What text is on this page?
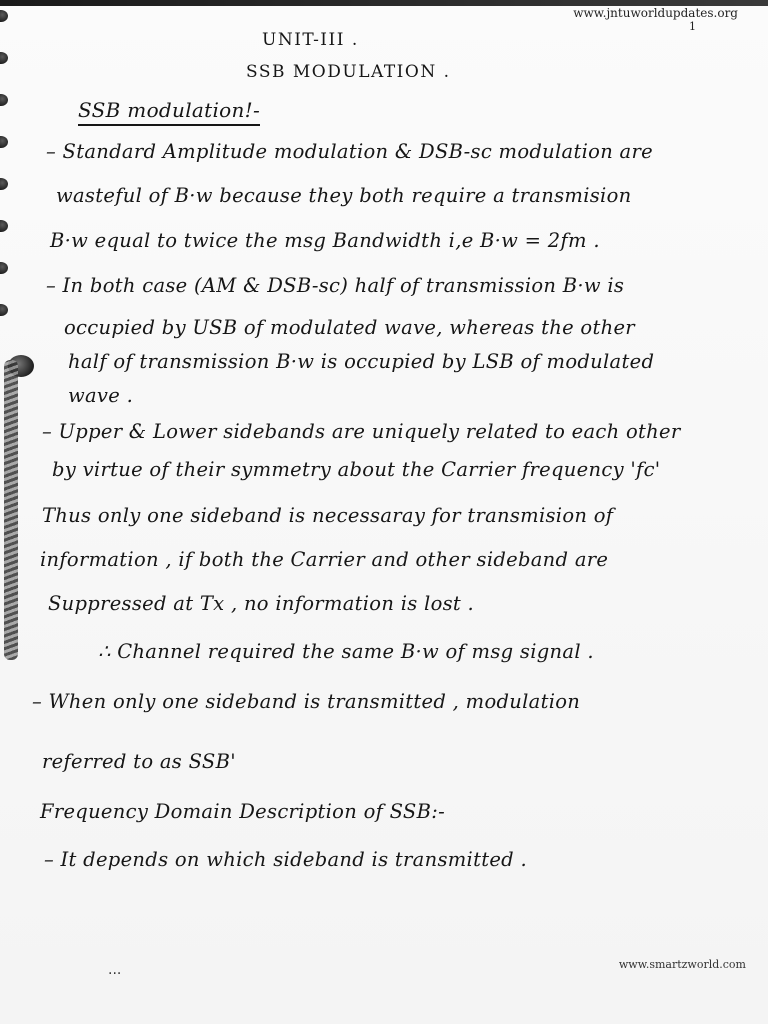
www.jntuworldupdates.org
1
UNIT-III .
SSB MODULATION .
SSB modulation!-
– Standard Amplitude modulation & DSB-sc modulation are
wasteful of B·w because they both require a transmision
B·w equal to twice the msg Bandwidth i,e B·w = 2fm .
– In both case (AM & DSB-sc) half of transmission B·w is
occupied by USB of modulated wave, whereas the other
half of transmission B·w is occupied by LSB of modulated
wave .
– Upper & Lower sidebands are uniquely related to each other
by virtue of their symmetry about the Carrier frequency 'fc'
Thus only one sideband is necessaray for transmision of
information , if both the Carrier and other sideband are
Suppressed at Tx , no information is lost .
∴ Channel required the same B·w of msg signal .
– When only one sideband is transmitted , modulation
referred to as SSB'
Frequency Domain Description of SSB:-
– It depends on which sideband is transmitted .
...	www.smartzworld.com
